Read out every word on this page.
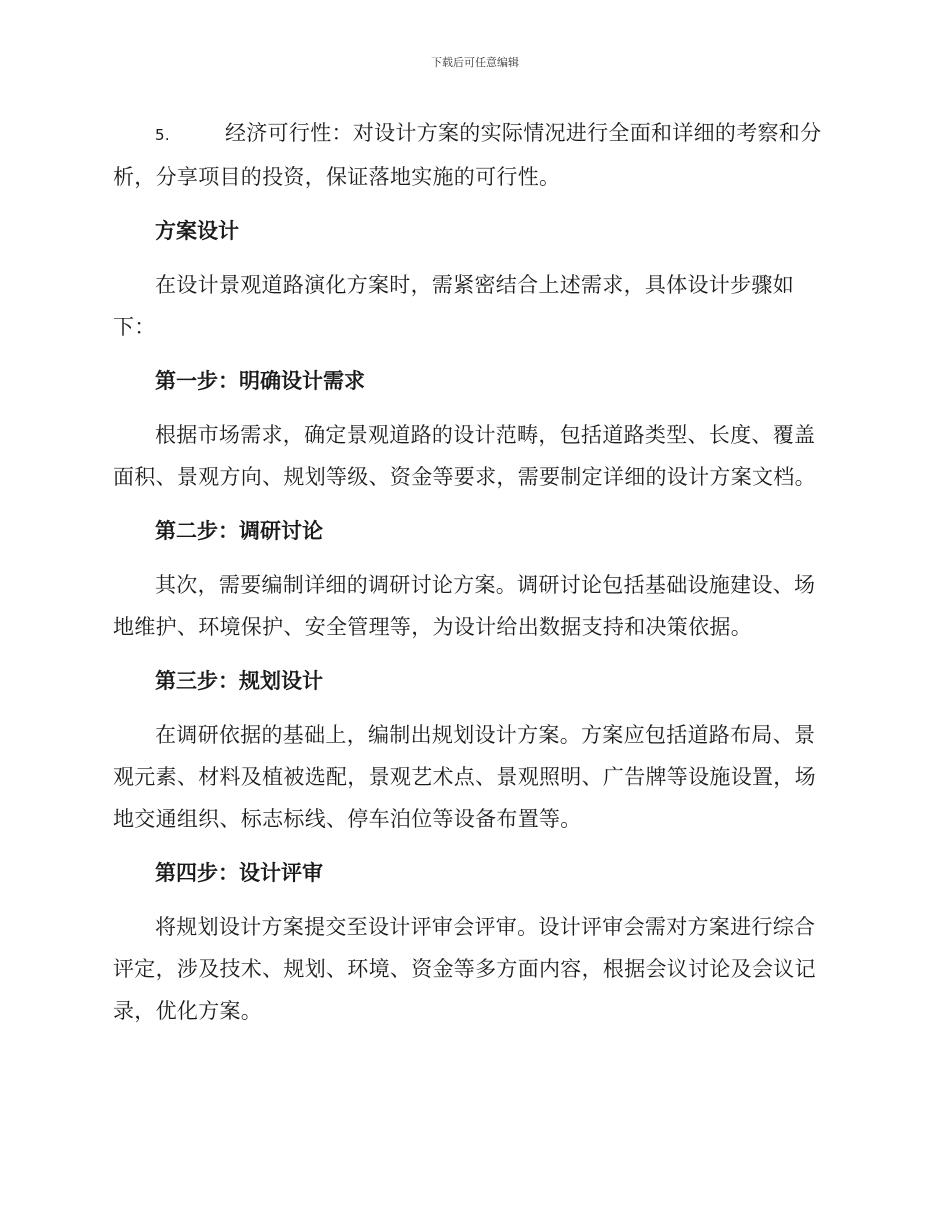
下载后可任意编辑

5.	经济可行性：对设计方案的实际情况进行全面和详细的考察和分析，分享项目的投资，保证落地实施的可行性。

方案设计

在设计景观道路演化方案时，需紧密结合上述需求，具体设计步骤如下：

第一步：明确设计需求

根据市场需求，确定景观道路的设计范畴，包括道路类型、长度、覆盖面积、景观方向、规划等级、资金等要求，需要制定详细的设计方案文档。

第二步：调研讨论

其次，需要编制详细的调研讨论方案。调研讨论包括基础设施建设、场地维护、环境保护、安全管理等，为设计给出数据支持和决策依据。

第三步：规划设计

在调研依据的基础上，编制出规划设计方案。方案应包括道路布局、景观元素、材料及植被选配，景观艺术点、景观照明、广告牌等设施设置，场地交通组织、标志标线、停车泊位等设备布置等。

第四步：设计评审

将规划设计方案提交至设计评审会评审。设计评审会需对方案进行综合评定，涉及技术、规划、环境、资金等多方面内容，根据会议讨论及会议记录，优化方案。
